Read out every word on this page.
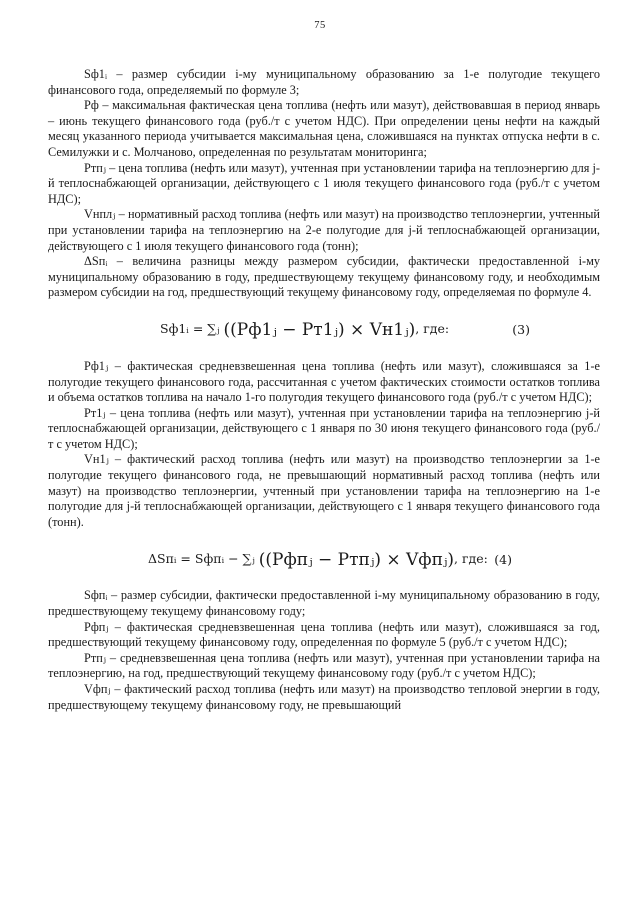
75

Sф1ᵢ – размер субсидии i-му муниципальному образованию за 1-е полугодие текущего финансового года, определяемый по формуле 3;

Pф – максимальная фактическая цена топлива (нефть или мазут), действовавшая в период январь – июнь текущего финансового года (руб./т с учетом НДС). При определении цены нефти на каждый месяц указанного периода учитывается максимальная цена, сложившаяся на пунктах отпуска нефти в с. Семилужки и с. Молчаново, определенная по результатам мониторинга;

Pтпⱼ – цена топлива (нефть или мазут), учтенная при установлении тарифа на теплоэнергию для j-й теплоснабжающей организации, действующего с 1 июля текущего финансового года (руб./т с учетом НДС);

Vнплⱼ – нормативный расход топлива (нефть или мазут) на производство теплоэнергии, учтенный при установлении тарифа на теплоэнергию на 2-е полугодие для j-й теплоснабжающей организации, действующего с 1 июля текущего финансового года (тонн);

ΔSпᵢ – величина разницы между размером субсидии, фактически предоставленной i-му муниципальному образованию в году, предшествующему текущему финансовому году, и необходимым размером субсидии на год, предшествующий текущему финансовому году, определяемая по формуле 4.

Sф1ᵢ = ∑ⱼ ((Pф1ⱼ − Pт1ⱼ) × Vн1ⱼ), где:	(3)

Pф1ⱼ – фактическая средневзвешенная цена топлива (нефть или мазут), сложившаяся за 1-е полугодие текущего финансового года, рассчитанная с учетом фактических стоимости остатков топлива и объема остатков топлива на начало 1-го полугодия текущего финансового года (руб./т с учетом НДС);

Pт1ⱼ – цена топлива (нефть или мазут), учтенная при установлении тарифа на теплоэнергию j-й теплоснабжающей организации, действующего с 1 января по 30 июня текущего финансового года (руб./т с учетом НДС);

Vн1ⱼ – фактический расход топлива (нефть или мазут) на производство теплоэнергии за 1-е полугодие текущего финансового года, не превышающий нормативный расход топлива (нефть или мазут) на производство теплоэнергии, учтенный при установлении тарифа на теплоэнергию на 1-е полугодие для j-й теплоснабжающей организации, действующего с 1 января текущего финансового года (тонн).

ΔSпᵢ = Sфпᵢ − ∑ⱼ ((Pфпⱼ − Pтпⱼ) × Vфпⱼ), где: (4)

Sфпᵢ – размер субсидии, фактически предоставленной i-му муниципальному образованию в году, предшествующему текущему финансовому году;

Pфпⱼ – фактическая средневзвешенная цена топлива (нефть или мазут), сложившаяся за год, предшествующий текущему финансовому году, определенная по формуле 5 (руб./т с учетом НДС);

Pтпⱼ – средневзвешенная цена топлива (нефть или мазут), учтенная при установлении тарифа на теплоэнергию, на год, предшествующий текущему финансовому году (руб./т с учетом НДС);

Vфпⱼ – фактический расход топлива (нефть или мазут) на производство тепловой энергии в году, предшествующему текущему финансовому году, не превышающий
